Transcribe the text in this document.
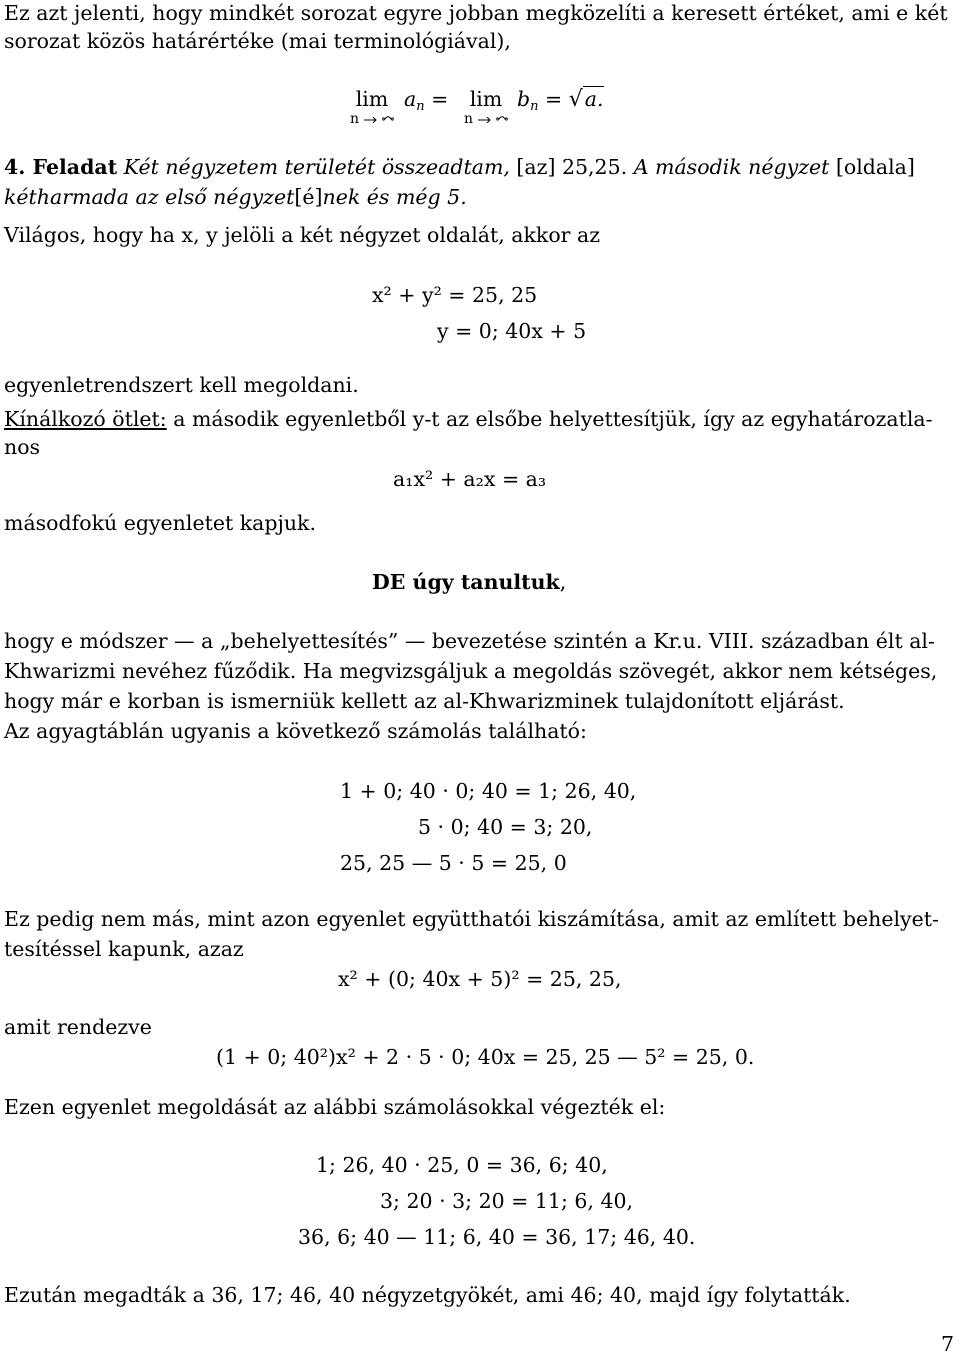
Ez azt jelenti, hogy mindkét sorozat egyre jobban megközelíti a keresett értéket, ami e két
sorozat közös határértéke (mai terminológiával),
lim
n
$a_n = \lim$
n
$b_n = √a$.
4. Feladat Két négyzetem területét összeadtam, [az] 25,25. A második négyzet [oldala]
kétharmada az első négyzet[é]nek és még 5.
Világos, hogy ha x, y jelöli a két négyzet oldalát, akkor az
x² + y² = 25, 25
y = 0; 40x + 5
egyenletrendszert kell megoldani.
Kínálkozó ötlet: a második egyenletből y-t az elsőbe helyettesítjük, így az egyhatározatla-
nos
a₁x² + a₂x = a₃
másodfokú egyenletet kapjuk.
DE úgy tanultuk,
hogy e módszer — a „behelyettesítés” — bevezetése szintén a Kr.u. VIII. században élt al-
Khwarizmi nevéhez fűződik. Ha megvizsgáljuk a megoldás szövegét, akkor nem kétséges,
hogy már e korban is ismerniük kellett az al-Khwarizminek tulajdonított eljárást.
Az agyagtáblán ugyanis a következő számolás található:
1 + 0; 40 · 0; 40 = 1; 26, 40,
5 · 0; 40 = 3; 20,
25, 25 — 5 · 5 = 25, 0
Ez pedig nem más, mint azon egyenlet együtthatói kiszámítása, amit az említett behelyet-
tesítéssel kapunk, azaz
x² + (0; 40x + 5)² = 25, 25,
amit rendezve
(1 + 0; 40²)x² + 2 · 5 · 0; 40x = 25, 25 — 5² = 25, 0.
Ezen egyenlet megoldását az alábbi számolásokkal végezték el:
1; 26, 40 · 25, 0 = 36, 6; 40,
3; 20 · 3; 20 = 11; 6, 40,
36, 6; 40 — 11; 6, 40 = 36, 17; 46, 40.
Ezután megadták a 36, 17; 46, 40 négyzetgyökét, ami 46; 40, majd így folytatták.
7
